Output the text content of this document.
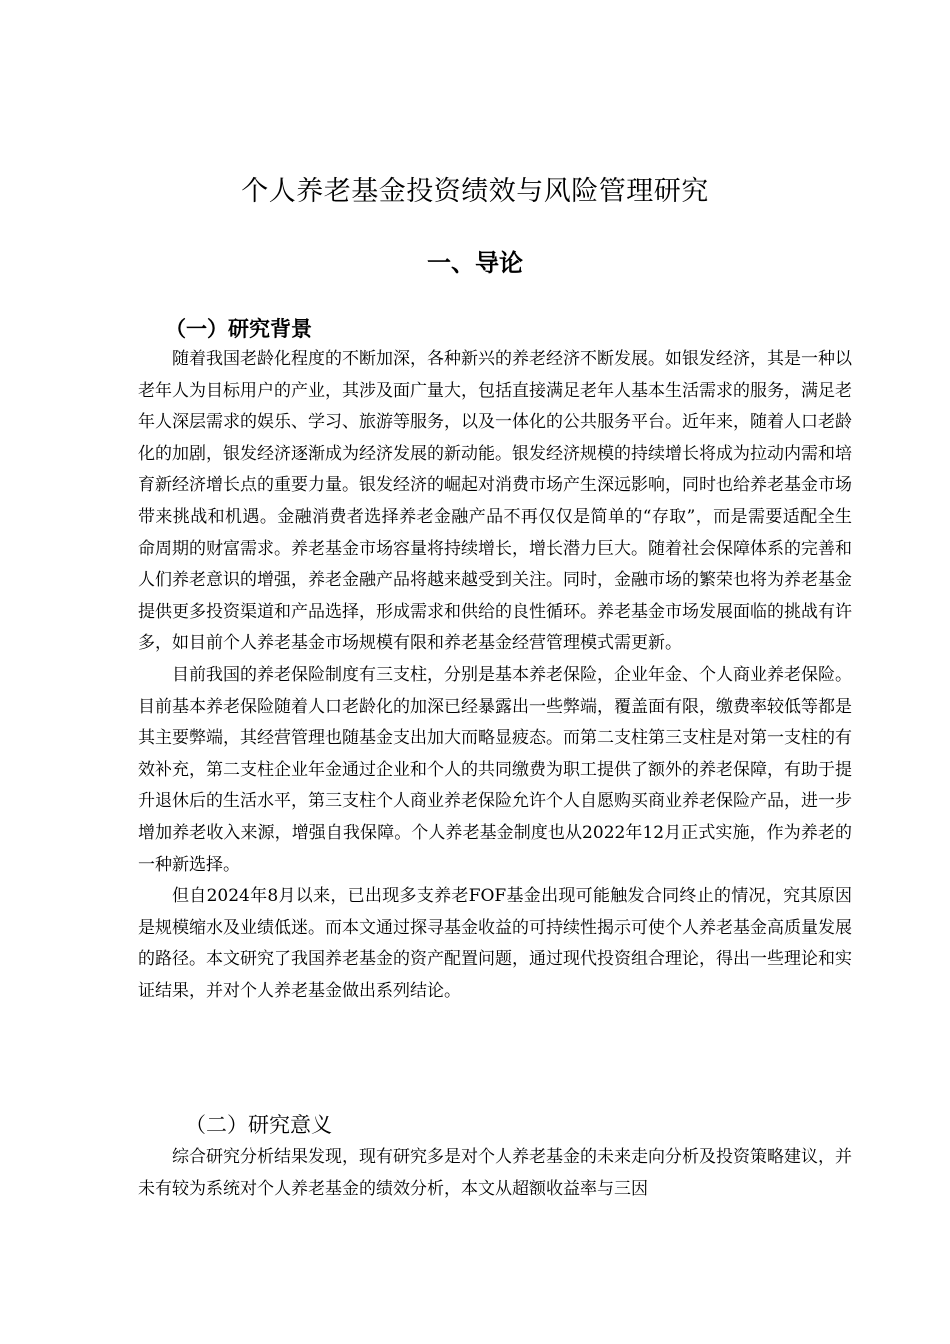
个人养老基金投资绩效与风险管理研究
一、导论
（一）研究背景

随着我国老龄化程度的不断加深，各种新兴的养老经济不断发展。如银发经济，其是一种以老年人为目标用户的产业，其涉及面广量大，包括直接满足老年人基本生活需求的服务，满足老年人深层需求的娱乐、学习、旅游等服务，以及一体化的公共服务平台。近年来，随着人口老龄化的加剧，银发经济逐渐成为经济发展的新动能。银发经济规模的持续增长将成为拉动内需和培育新经济增长点的重要力量。银发经济的崛起对消费市场产生深远影响，同时也给养老基金市场带来挑战和机遇。金融消费者选择养老金融产品不再仅仅是简单的“存取”，而是需要适配全生命周期的财富需求。养老基金市场容量将持续增长，增长潜力巨大。随着社会保障体系的完善和人们养老意识的增强，养老金融产品将越来越受到关注。同时，金融市场的繁荣也将为养老基金提供更多投资渠道和产品选择，形成需求和供给的良性循环。养老基金市场发展面临的挑战有许多，如目前个人养老基金市场规模有限和养老基金经营管理模式需更新。

目前我国的养老保险制度有三支柱，分别是基本养老保险，企业年金、个人商业养老保险。目前基本养老保险随着人口老龄化的加深已经暴露出一些弊端，覆盖面有限，缴费率较低等都是其主要弊端，其经营管理也随基金支出加大而略显疲态。而第二支柱第三支柱是对第一支柱的有效补充，第二支柱企业年金通过企业和个人的共同缴费为职工提供了额外的养老保障，有助于提升退休后的生活水平，第三支柱个人商业养老保险允许个人自愿购买商业养老保险产品，进一步增加养老收入来源，增强自我保障。个人养老基金制度也从2022年12月正式实施，作为养老的一种新选择。

但自2024年8月以来，已出现多支养老FOF基金出现可能触发合同终止的情况，究其原因是规模缩水及业绩低迷。而本文通过探寻基金收益的可持续性揭示可使个人养老基金高质量发展的路径。本文研究了我国养老基金的资产配置问题，通过现代投资组合理论，得出一些理论和实证结果，并对个人养老基金做出系列结论。

（二）研究意义

综合研究分析结果发现，现有研究多是对个人养老基金的未来走向分析及投资策略建议，并未有较为系统对个人养老基金的绩效分析，本文从超额收益率与三因
